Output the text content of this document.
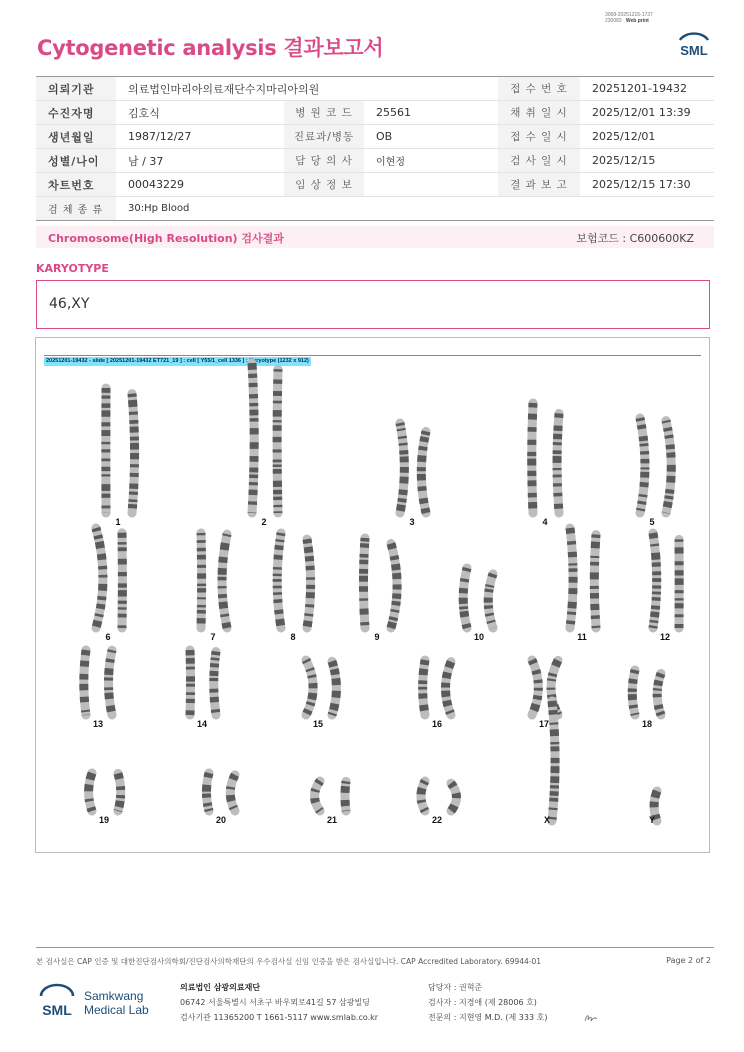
3068-20251215-1737
230083 Web print
Cytogenetic analysis 결과보고서	SML
의뢰기관	의료법인마리아의료재단수지마리아의원			접 수 번 호	20251201-19432
수진자명	김호식	병 원 코 드	25561	채 취 일 시	2025/12/01 13:39
생년월일	1987/12/27	진료과/병동	OB	접 수 일 시	2025/12/01
성별/나이	남 / 37	담 당 의 사	이현정	검 사 일 시	2025/12/15
차트번호	00043229	임 상 정 보		결 과 보 고	2025/12/15 17:30
검 체 종 류	30:Hp Blood				
Chromosome(High Resolution) 검사결과	보험코드 : C600600KZ
KARYOTYPE
46,XY
20251201-19432 - slide [ 20251201-19432 ET721_19 ] : cell [ Y55/1_cell 1336 ] : Karyotype (1232 x 912)
1	2	3	4	5
6	7	8	9	10	11	12
13	14	15	16	17	18
19	20	21	22	X	Y
본 검사실은 CAP 인증 및 대한진단검사의학회/진단검사의학재단의 우수검사실 신임 인증을 받은 검사실입니다. CAP Accredited Laboratory. 69944-01	Page 2 of 2
SML
Samkwang
Medical Lab
의료법인 삼광의료재단
06742 서울특별시 서초구 바우뫼로41길 57 삼광빌딩
검사기관 11365200 T 1661-5117 www.smlab.co.kr
담당자 : 권혁준
검사자 : 지경애 (제 28006 호)
전문의 : 지현영 M.D. (제 333 호)
